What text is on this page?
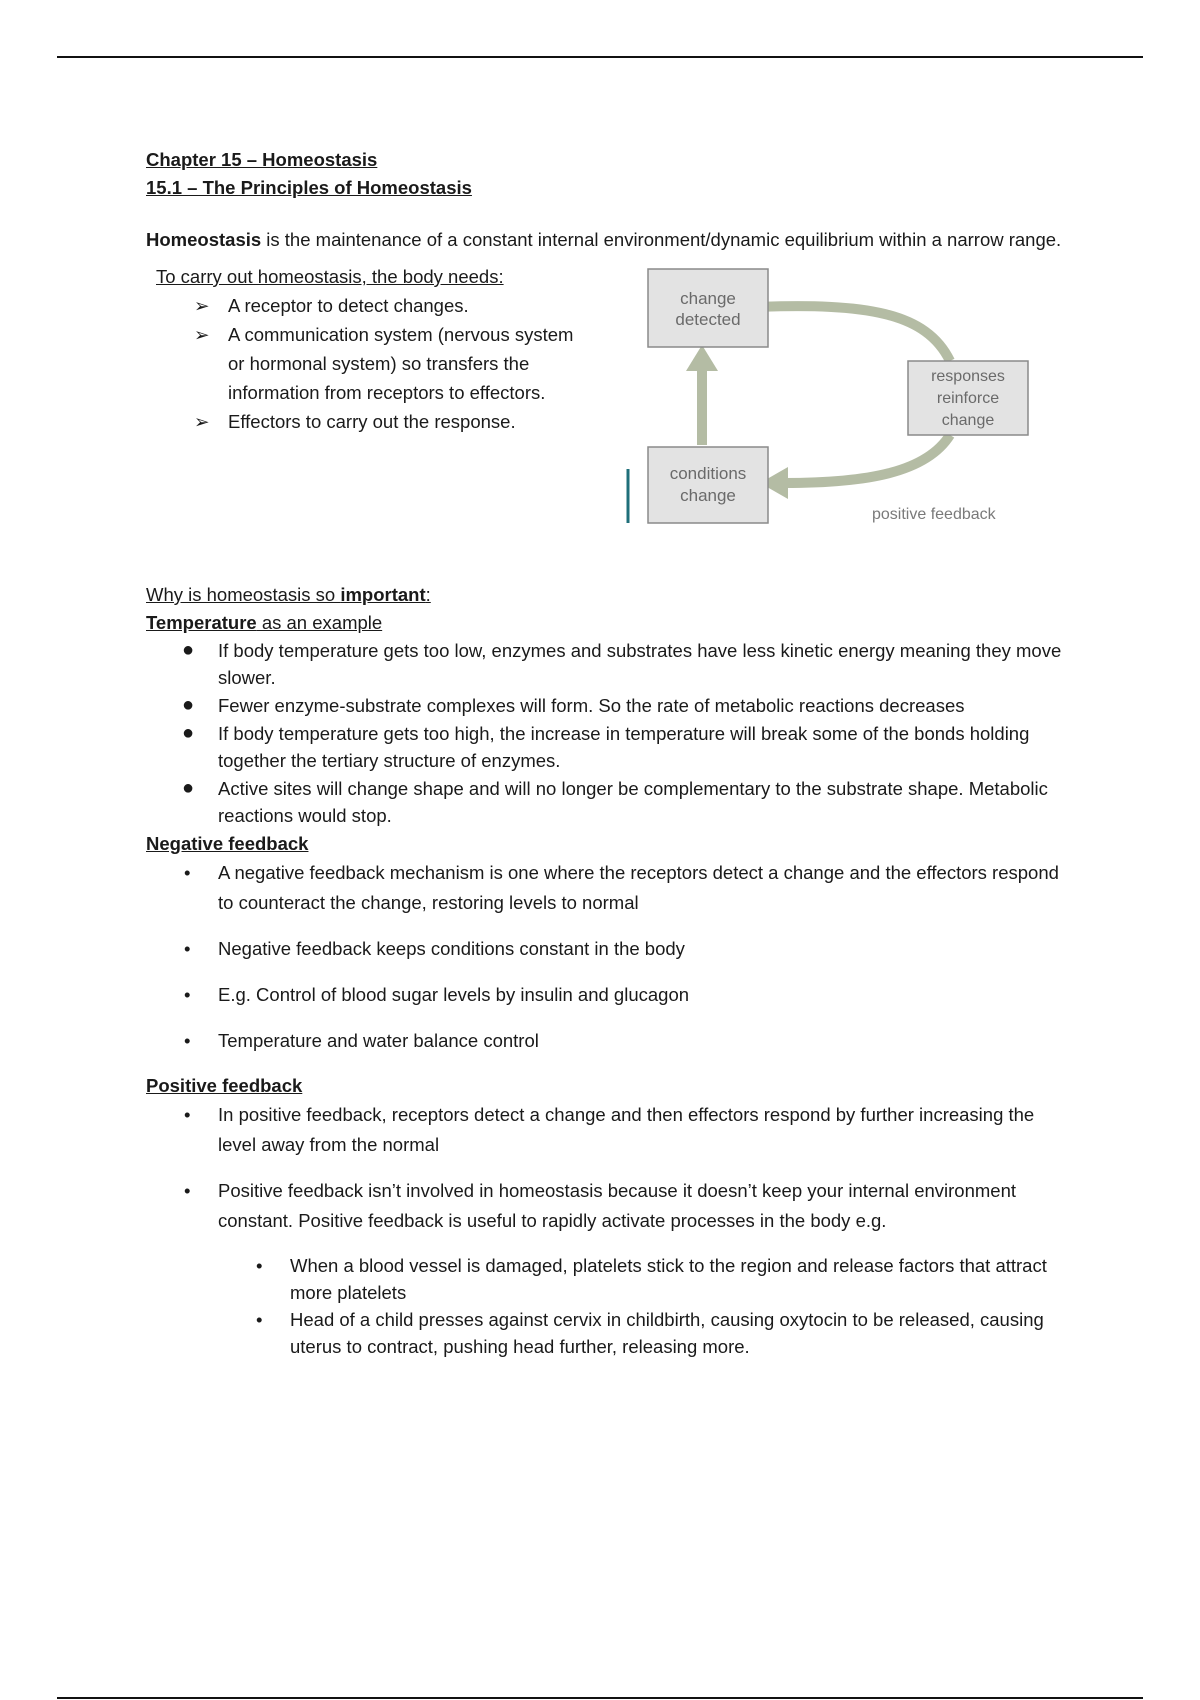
Chapter 15 – Homeostasis
15.1 – The Principles of Homeostasis

Homeostasis is the maintenance of a constant internal environment/dynamic equilibrium within a narrow range.

To carry out homeostasis, the body needs:
➢ A receptor to detect changes.
➢ A communication system (nervous system or hormonal system) so transfers the information from receptors to effectors.
➢ Effectors to carry out the response.
change
detected
responses
reinforce
change
conditions
change
positive feedback
Why is homeostasis so important:
Temperature as an example
● If body temperature gets too low, enzymes and substrates have less kinetic energy meaning they move slower.
● Fewer enzyme-substrate complexes will form. So the rate of metabolic reactions decreases
● If body temperature gets too high, the increase in temperature will break some of the bonds holding together the tertiary structure of enzymes.
● Active sites will change shape and will no longer be complementary to the substrate shape. Metabolic reactions would stop.
Negative feedback
• A negative feedback mechanism is one where the receptors detect a change and the effectors respond to counteract the change, restoring levels to normal
• Negative feedback keeps conditions constant in the body
• E.g. Control of blood sugar levels by insulin and glucagon
• Temperature and water balance control
Positive feedback
• In positive feedback, receptors detect a change and then effectors respond by further increasing the level away from the normal
• Positive feedback isn’t involved in homeostasis because it doesn’t keep your internal environment constant. Positive feedback is useful to rapidly activate processes in the body e.g.
• When a blood vessel is damaged, platelets stick to the region and release factors that attract more platelets
• Head of a child presses against cervix in childbirth, causing oxytocin to be released, causing uterus to contract, pushing head further, releasing more.
